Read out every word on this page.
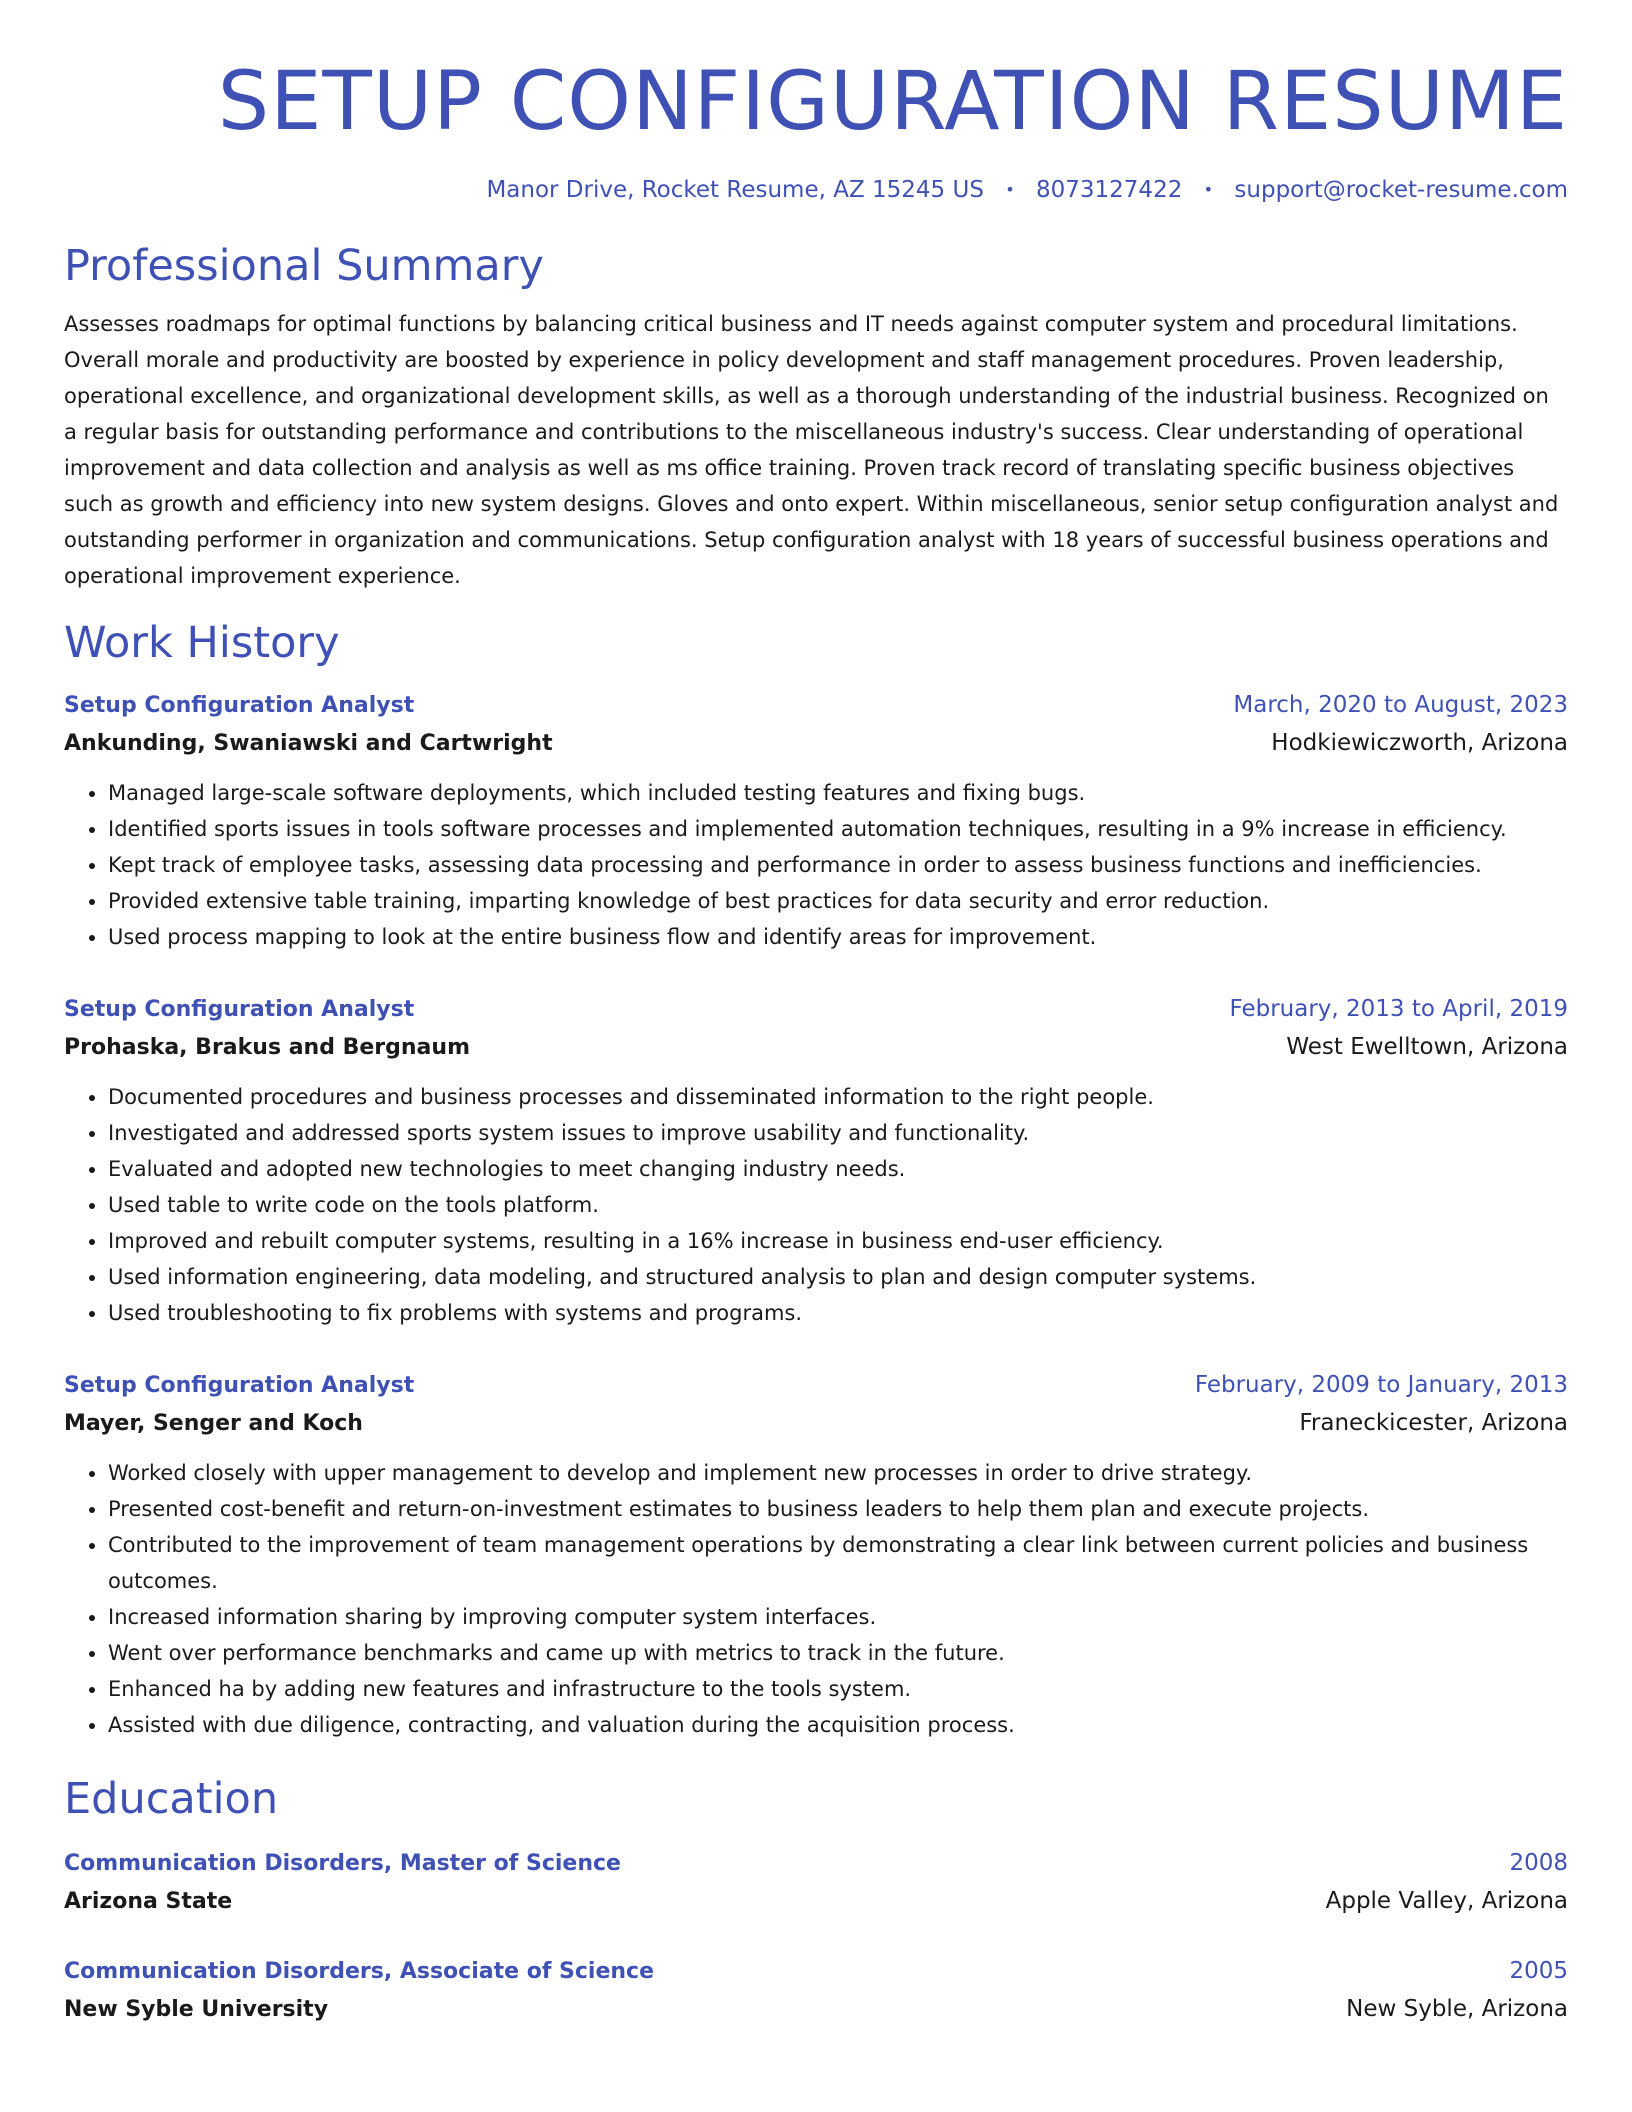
SETUP CONFIGURATION RESUME
Manor Drive, Rocket Resume, AZ 15245 US • 8073127422 • support@rocket-resume.com
Professional Summary

Assesses roadmaps for optimal functions by balancing critical business and IT needs against computer system and procedural limitations. Overall morale and productivity are boosted by experience in policy development and staff management procedures. Proven leadership, operational excellence, and organizational development skills, as well as a thorough understanding of the industrial business. Recognized on a regular basis for outstanding performance and contributions to the miscellaneous industry's success. Clear understanding of operational improvement and data collection and analysis as well as ms office training. Proven track record of translating specific business objectives such as growth and efficiency into new system designs. Gloves and onto expert. Within miscellaneous, senior setup configuration analyst and outstanding performer in organization and communications. Setup configuration analyst with 18 years of successful business operations and operational improvement experience.

Work History
Setup Configuration Analyst	March, 2020 to August, 2023
Ankunding, Swaniawski and Cartwright	Hodkiewiczworth, Arizona
• Managed large-scale software deployments, which included testing features and fixing bugs.
• Identified sports issues in tools software processes and implemented automation techniques, resulting in a 9% increase in efficiency.
• Kept track of employee tasks, assessing data processing and performance in order to assess business functions and inefficiencies.
• Provided extensive table training, imparting knowledge of best practices for data security and error reduction.
• Used process mapping to look at the entire business flow and identify areas for improvement.
Setup Configuration Analyst	February, 2013 to April, 2019
Prohaska, Brakus and Bergnaum	West Ewelltown, Arizona
• Documented procedures and business processes and disseminated information to the right people.
• Investigated and addressed sports system issues to improve usability and functionality.
• Evaluated and adopted new technologies to meet changing industry needs.
• Used table to write code on the tools platform.
• Improved and rebuilt computer systems, resulting in a 16% increase in business end-user efficiency.
• Used information engineering, data modeling, and structured analysis to plan and design computer systems.
• Used troubleshooting to fix problems with systems and programs.
Setup Configuration Analyst	February, 2009 to January, 2013
Mayer, Senger and Koch	Franeckicester, Arizona
• Worked closely with upper management to develop and implement new processes in order to drive strategy.
• Presented cost-benefit and return-on-investment estimates to business leaders to help them plan and execute projects.
• Contributed to the improvement of team management operations by demonstrating a clear link between current policies and business outcomes.
• Increased information sharing by improving computer system interfaces.
• Went over performance benchmarks and came up with metrics to track in the future.
• Enhanced ha by adding new features and infrastructure to the tools system.
• Assisted with due diligence, contracting, and valuation during the acquisition process.
Education
Communication Disorders, Master of Science	2008
Arizona State	Apple Valley, Arizona
Communication Disorders, Associate of Science	2005
New Syble University	New Syble, Arizona
